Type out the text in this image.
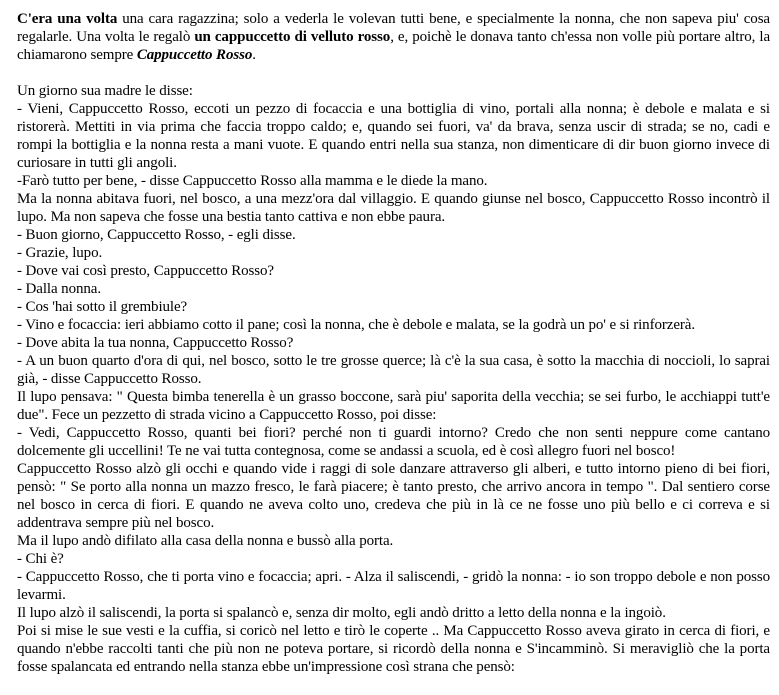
C'era una volta una cara ragazzina; solo a vederla le volevan tutti bene, e specialmente la nonna, che non sapeva piu' cosa regalarle. Una volta le regalò un cappuccetto di velluto rosso, e, poichè le donava tanto ch'essa non volle più portare altro, la chiamarono sempre Cappuccetto Rosso.

Un giorno sua madre le disse:

- Vieni, Cappuccetto Rosso, eccoti un pezzo di focaccia e una bottiglia di vino, portali alla nonna; è debole e malata e si ristorerà. Mettiti in via prima che faccia troppo caldo; e, quando sei fuori, va' da brava, senza uscir di strada; se no, cadi e rompi la bottiglia e la nonna resta a mani vuote. E quando entri nella sua stanza, non dimenticare di dir buon giorno invece di curiosare in tutti gli angoli.

-Farò tutto per bene, - disse Cappuccetto Rosso alla mamma e le diede la mano.

Ma la nonna abitava fuori, nel bosco, a una mezz'ora dal villaggio. E quando giunse nel bosco, Cappuccetto Rosso incontrò il lupo. Ma non sapeva che fosse una bestia tanto cattiva e non ebbe paura.

- Buon giorno, Cappuccetto Rosso, - egli disse.

- Grazie, lupo.

- Dove vai così presto, Cappuccetto Rosso?

- Dalla nonna.

- Cos 'hai sotto il grembiule?

- Vino e focaccia: ieri abbiamo cotto il pane; così la nonna, che è debole e malata, se la godrà un po' e si rinforzerà.

- Dove abita la tua nonna, Cappuccetto Rosso?

- A un buon quarto d'ora di qui, nel bosco, sotto le tre grosse querce; là c'è la sua casa, è sotto la macchia di noccioli, lo saprai già, - disse Cappuccetto Rosso.

Il lupo pensava: " Questa bimba tenerella è un grasso boccone, sarà piu' saporita della vecchia; se sei furbo, le acchiappi tutt'e due". Fece un pezzetto di strada vicino a Cappuccetto Rosso, poi disse:

- Vedi, Cappuccetto Rosso, quanti bei fiori? perché non ti guardi intorno? Credo che non senti neppure come cantano dolcemente gli uccellini! Te ne vai tutta contegnosa, come se andassi a scuola, ed è così allegro fuori nel bosco!

Cappuccetto Rosso alzò gli occhi e quando vide i raggi di sole danzare attraverso gli alberi, e tutto intorno pieno di bei fiori, pensò: " Se porto alla nonna un mazzo fresco, le farà piacere; è tanto presto, che arrivo ancora in tempo ". Dal sentiero corse nel bosco in cerca di fiori. E quando ne aveva colto uno, credeva che più in là ce ne fosse uno più bello e ci correva e si addentrava sempre più nel bosco.

Ma il lupo andò difilato alla casa della nonna e bussò alla porta.

- Chi è?

- Cappuccetto Rosso, che ti porta vino e focaccia; apri. - Alza il saliscendi, - gridò la nonna: - io son troppo debole e non posso levarmi.

Il lupo alzò il saliscendi, la porta si spalancò e, senza dir molto, egli andò dritto a letto della nonna e la ingoiò.

Poi si mise le sue vesti e la cuffia, si coricò nel letto e tirò le coperte .. Ma Cappuccetto Rosso aveva girato in cerca di fiori, e quando n'ebbe raccolti tanti che più non ne poteva portare, si ricordò della nonna e S'incamminò. Si meravigliò che la porta fosse spalancata ed entrando nella stanza ebbe un'impressione così strana che pensò:
